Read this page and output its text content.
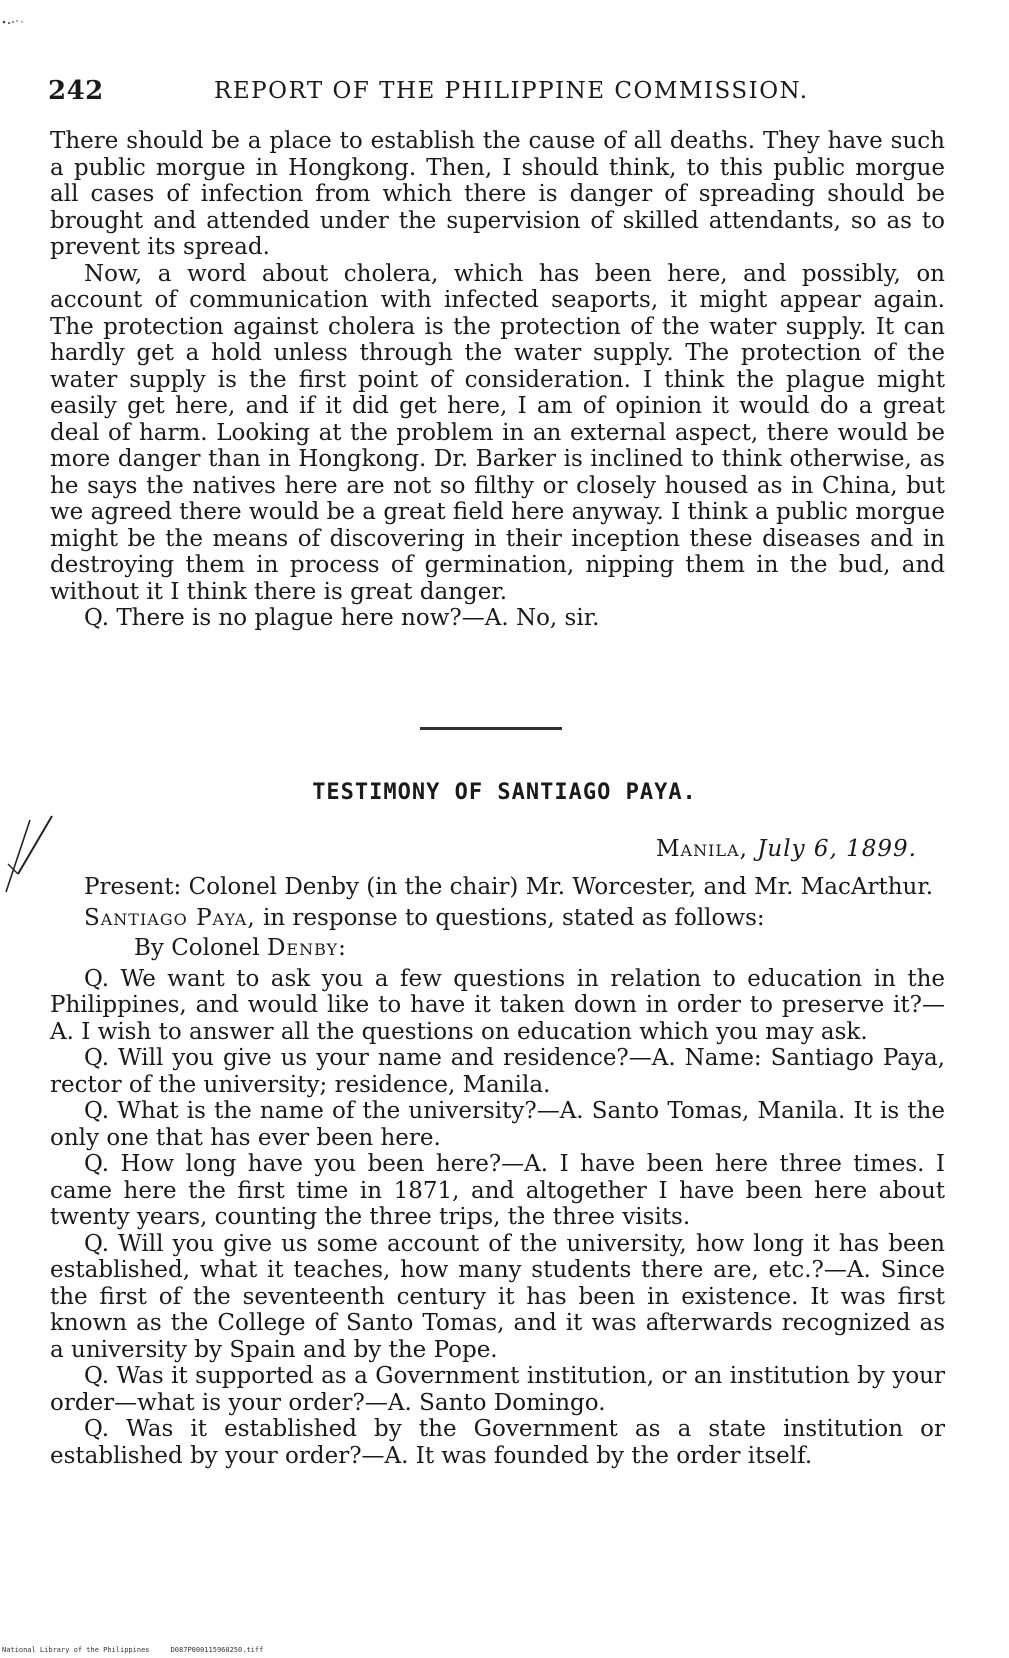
242	REPORT OF THE PHILIPPINE COMMISSION.

There should be a place to establish the cause of all deaths. They have such a public morgue in Hongkong. Then, I should think, to this public morgue all cases of infection from which there is danger of spreading should be brought and attended under the supervision of skilled attendants, so as to prevent its spread.

Now, a word about cholera, which has been here, and possibly, on account of communication with infected seaports, it might appear again. The protection against cholera is the protection of the water supply. It can hardly get a hold unless through the water supply. The protection of the water supply is the first point of consideration. I think the plague might easily get here, and if it did get here, I am of opinion it would do a great deal of harm. Looking at the problem in an external aspect, there would be more danger than in Hongkong. Dr. Barker is inclined to think otherwise, as he says the natives here are not so filthy or closely housed as in China, but we agreed there would be a great field here anyway. I think a public morgue might be the means of discovering in their inception these diseases and in destroying them in process of germination, nipping them in the bud, and without it I think there is great danger.

Q. There is no plague here now?—A. No, sir.

TESTIMONY OF SANTIAGO PAYA.
Manila, July 6, 1899.

Present: Colonel Denby (in the chair) Mr. Worcester, and Mr. MacArthur.

Santiago Paya, in response to questions, stated as follows:

By Colonel Denby:

Q. We want to ask you a few questions in relation to education in the Philippines, and would like to have it taken down in order to preserve it?—A. I wish to answer all the questions on education which you may ask.

Q. Will you give us your name and residence?—A. Name: Santiago Paya, rector of the university; residence, Manila.

Q. What is the name of the university?—A. Santo Tomas, Manila. It is the only one that has ever been here.

Q. How long have you been here?—A. I have been here three times. I came here the first time in 1871, and altogether I have been here about twenty years, counting the three trips, the three visits.

Q. Will you give us some account of the university, how long it has been established, what it teaches, how many students there are, etc.?—A. Since the first of the seventeenth century it has been in existence. It was first known as the College of Santo Tomas, and it was afterwards recognized as a university by Spain and by the Pope.

Q. Was it supported as a Government institution, or an institution by your order—what is your order?—A. Santo Domingo.

Q. Was it established by the Government as a state institution or established by your order?—A. It was founded by the order itself.

National Library of the Philippines	D087P000115960250.tiff
